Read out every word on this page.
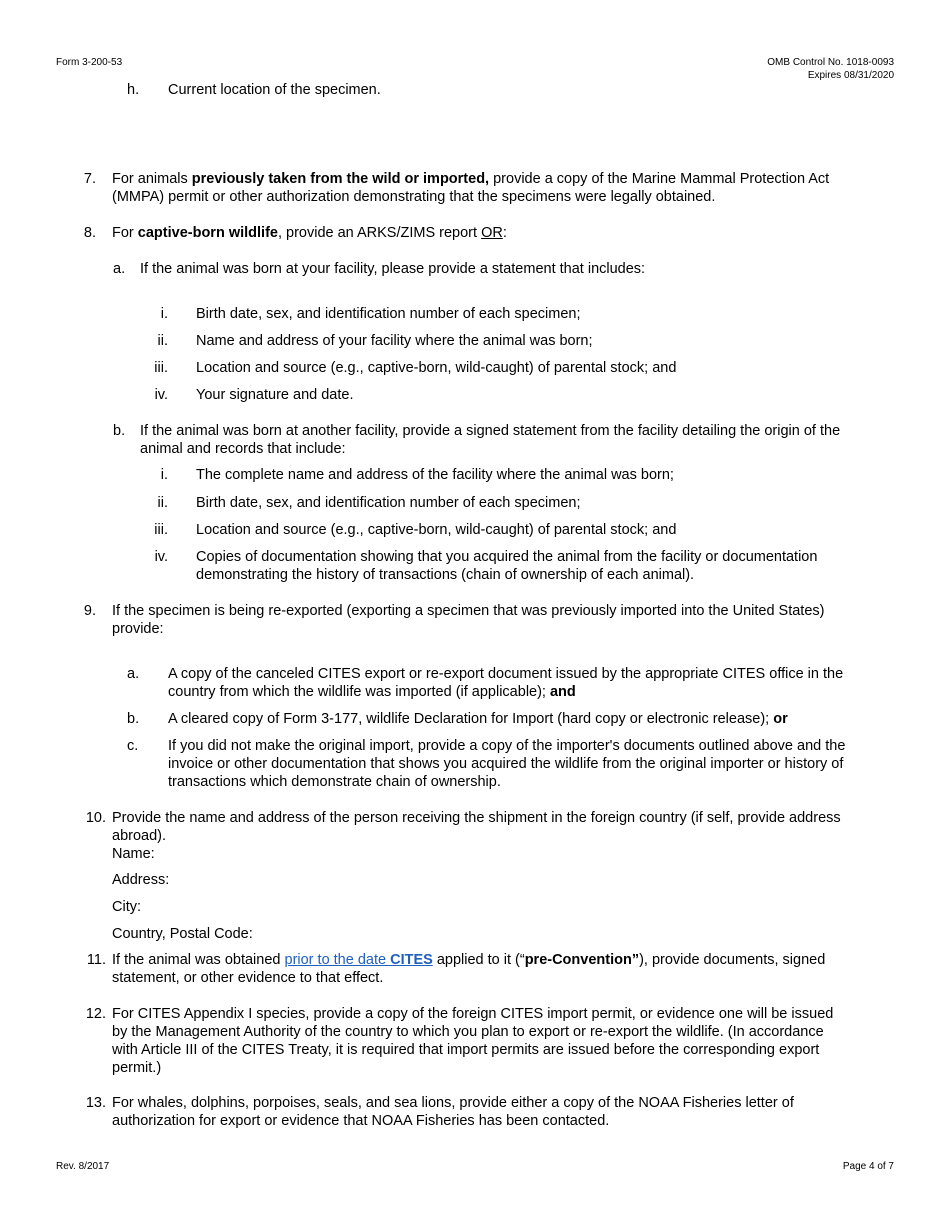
Form 3-200-53	OMB Control No. 1018-0093
Expires 08/31/2020
h. Current location of the specimen.
7. For animals previously taken from the wild or imported, provide a copy of the Marine Mammal Protection Act
(MMPA) permit or other authorization demonstrating that the specimens were legally obtained.
8. For captive-born wildlife, provide an ARKS/ZIMS report OR:
a. If the animal was born at your facility, please provide a statement that includes:
i. Birth date, sex, and identification number of each specimen;
ii. Name and address of your facility where the animal was born;
iii. Location and source (e.g., captive-born, wild-caught) of parental stock; and
iv. Your signature and date.
b. If the animal was born at another facility, provide a signed statement from the facility detailing the origin of the
animal and records that include:
i. The complete name and address of the facility where the animal was born;
ii. Birth date, sex, and identification number of each specimen;
iii. Location and source (e.g., captive-born, wild-caught) of parental stock; and
iv. Copies of documentation showing that you acquired the animal from the facility or documentation
demonstrating the history of transactions (chain of ownership of each animal).
9. If the specimen is being re-exported (exporting a specimen that was previously imported into the United States)
provide:
a. A copy of the canceled CITES export or re-export document issued by the appropriate CITES office in the
country from which the wildlife was imported (if applicable); and
b. A cleared copy of Form 3-177, wildlife Declaration for Import (hard copy or electronic release); or
c. If you did not make the original import, provide a copy of the importer's documents outlined above and the
invoice or other documentation that shows you acquired the wildlife from the original importer or history of
transactions which demonstrate chain of ownership.
10. Provide the name and address of the person receiving the shipment in the foreign country (if self, provide address
abroad).
Name:
Address:
City:
Country, Postal Code:
11. If the animal was obtained prior to the date CITES applied to it (“pre-Convention”), provide documents, signed
statement, or other evidence to that effect.
12. For CITES Appendix I species, provide a copy of the foreign CITES import permit, or evidence one will be issued
by the Management Authority of the country to which you plan to export or re-export the wildlife. (In accordance
with Article III of the CITES Treaty, it is required that import permits are issued before the corresponding export
permit.)
13. For whales, dolphins, porpoises, seals, and sea lions, provide either a copy of the NOAA Fisheries letter of
authorization for export or evidence that NOAA Fisheries has been contacted.
Rev. 8/2017	Page 4 of 7
